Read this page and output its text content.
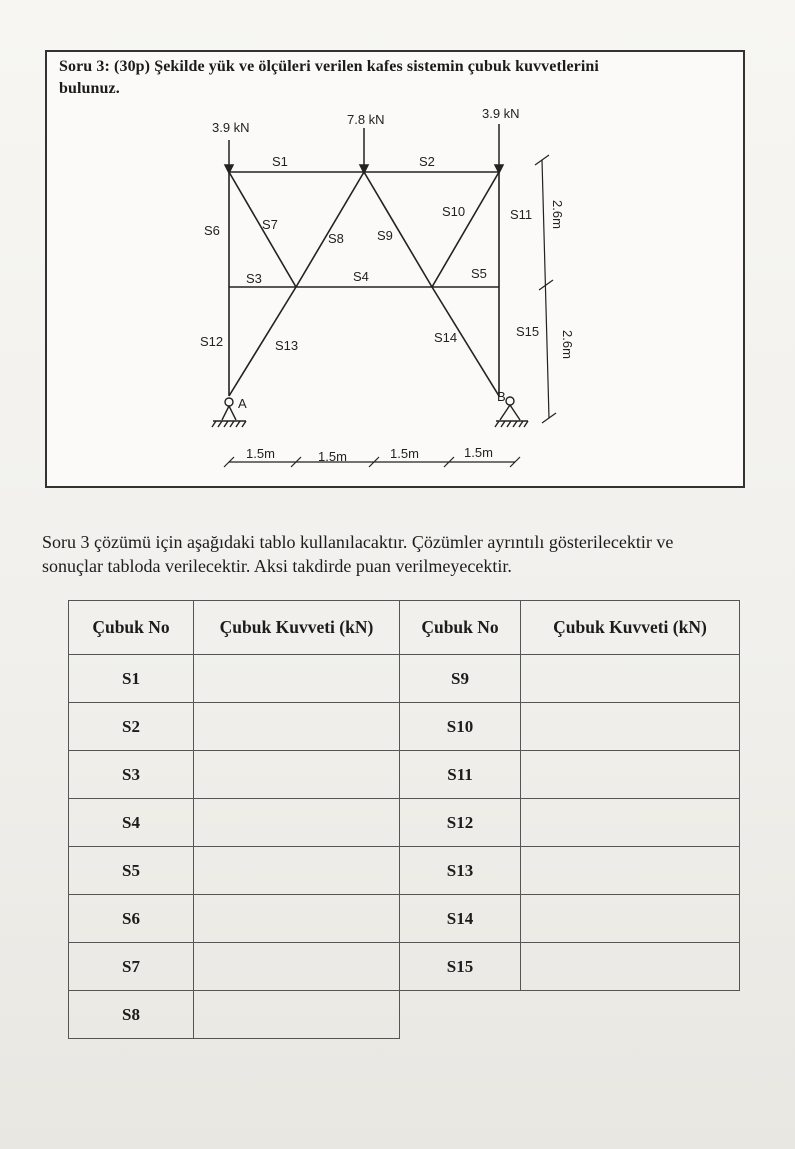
Soru 3: (30p) Şekilde yük ve ölçüleri verilen kafes sistemin çubuk kuvvetlerini
bulunuz.
3.9 kN
7.8 kN	3.9 kN
S1	S2
S3	S4	S5
S6	S7
S8	S9
S10	S11
S12	S13
S14	S15
A	B
1.5m	1.5m	1.5m	1.5m
2.6m
2.6m
Soru 3 çözümü için aşağıdaki tablo kullanılacaktır. Çözümler ayrıntılı gösterilecektir ve
sonuçlar tabloda verilecektir. Aksi takdirde puan verilmeyecektir.
Çubuk No	Çubuk Kuvveti (kN)	Çubuk No	Çubuk Kuvveti (kN)
S1		S9	
S2		S10	
S3		S11	
S4		S12	
S5		S13	
S6		S14	
S7		S15	
S8			
